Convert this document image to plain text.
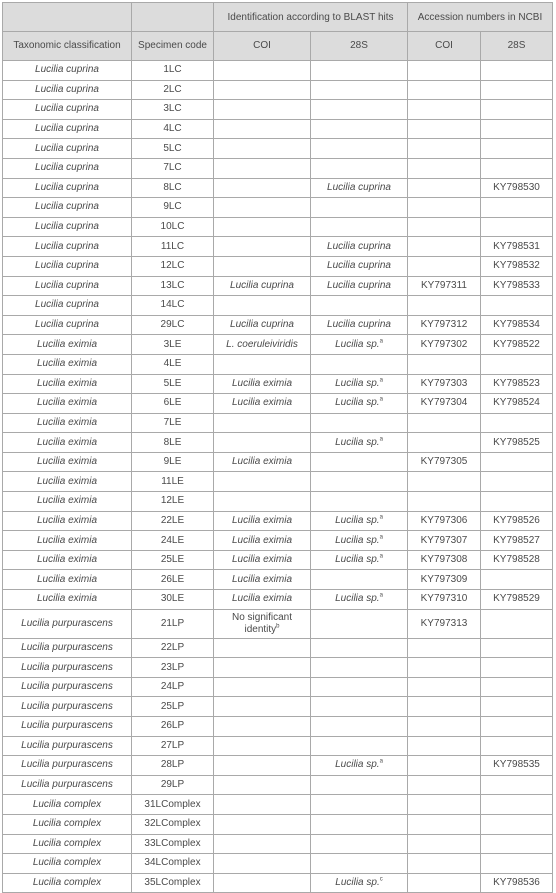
		Identification according to BLAST hits		Accession numbers in NCBI	
Taxonomic classification	Specimen code	COI	28S	COI	28S
Lucilia cuprina	1LC				
Lucilia cuprina	2LC				
Lucilia cuprina	3LC				
Lucilia cuprina	4LC				
Lucilia cuprina	5LC				
Lucilia cuprina	7LC				
Lucilia cuprina	8LC		Lucilia cuprina		KY798530
Lucilia cuprina	9LC				
Lucilia cuprina	10LC				
Lucilia cuprina	11LC		Lucilia cuprina		KY798531
Lucilia cuprina	12LC		Lucilia cuprina		KY798532
Lucilia cuprina	13LC	Lucilia cuprina	Lucilia cuprina	KY797311	KY798533
Lucilia cuprina	14LC				
Lucilia cuprina	29LC	Lucilia cuprina	Lucilia cuprina	KY797312	KY798534
Lucilia eximia	3LE	L. coeruleiviridis	Lucilia sp.$^a$	KY797302	KY798522
Lucilia eximia	4LE				
Lucilia eximia	5LE	Lucilia eximia	Lucilia sp.$^a$	KY797303	KY798523
Lucilia eximia	6LE	Lucilia eximia	Lucilia sp.$^a$	KY797304	KY798524
Lucilia eximia	7LE				
Lucilia eximia	8LE		Lucilia sp.$^a$		KY798525
Lucilia eximia	9LE	Lucilia eximia		KY797305	
Lucilia eximia	11LE				
Lucilia eximia	12LE				
Lucilia eximia	22LE	Lucilia eximia	Lucilia sp.$^a$	KY797306	KY798526
Lucilia eximia	24LE	Lucilia eximia	Lucilia sp.$^a$	KY797307	KY798527
Lucilia eximia	25LE	Lucilia eximia	Lucilia sp.$^a$	KY797308	KY798528
Lucilia eximia	26LE	Lucilia eximia		KY797309	
Lucilia eximia	30LE	Lucilia eximia	Lucilia sp.$^a$	KY797310	KY798529
Lucilia purpurascens	21LP	No significant identity$^b$		KY797313	
Lucilia purpurascens	22LP				
Lucilia purpurascens	23LP				
Lucilia purpurascens	24LP				
Lucilia purpurascens	25LP				
Lucilia purpurascens	26LP				
Lucilia purpurascens	27LP				
Lucilia purpurascens	28LP		Lucilia sp.$^a$		KY798535
Lucilia purpurascens	29LP				
Lucilia complex	31LComplex				
Lucilia complex	32LComplex				
Lucilia complex	33LComplex				
Lucilia complex	34LComplex				
Lucilia complex	35LComplex		Lucilia sp.$^c$		KY798536
